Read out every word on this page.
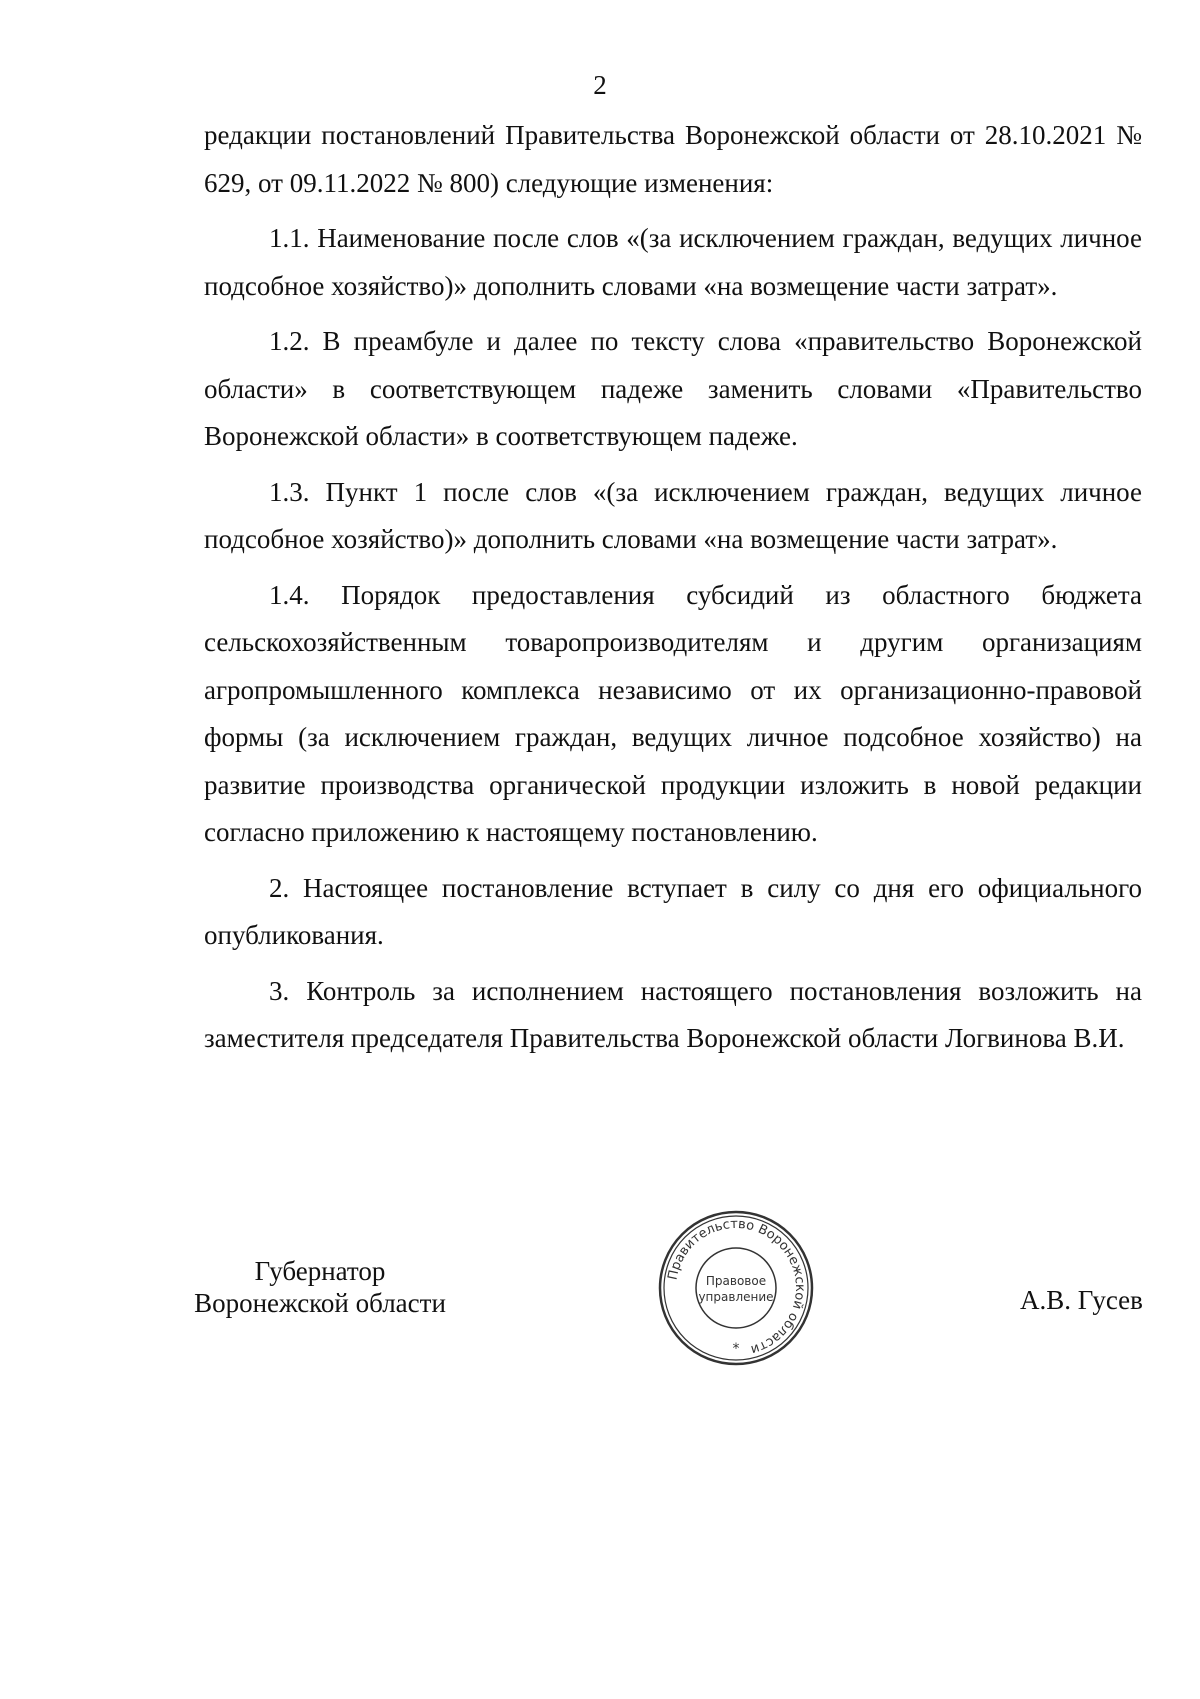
2

редакции постановлений Правительства Воронежской области от 28.10.2021 № 629, от 09.11.2022 № 800) следующие изменения:

1.1. Наименование после слов «(за исключением граждан, ведущих личное подсобное хозяйство)» дополнить словами «на возмещение части затрат».

1.2. В преамбуле и далее по тексту слова «правительство Воронежской области» в соответствующем падеже заменить словами «Правительство Воронежской области» в соответствующем падеже.

1.3. Пункт 1 после слов «(за исключением граждан, ведущих личное подсобное хозяйство)» дополнить словами «на возмещение части затрат».

1.4. Порядок предоставления субсидий из областного бюджета сельскохозяйственным товаропроизводителям и другим организациям агропромышленного комплекса независимо от их организационно-правовой формы (за исключением граждан, ведущих личное подсобное хозяйство) на развитие производства органической продукции изложить в новой редакции согласно приложению к настоящему постановлению.

2. Настоящее постановление вступает в силу со дня его официального опубликования.

3. Контроль за исполнением настоящего постановления возложить на заместителя председателя Правительства Воронежской области Логвинова В.И.

Губернатор
Воронежской области
Правительство Воронежской области
Правовое
управление
*
А.В. Гусев
